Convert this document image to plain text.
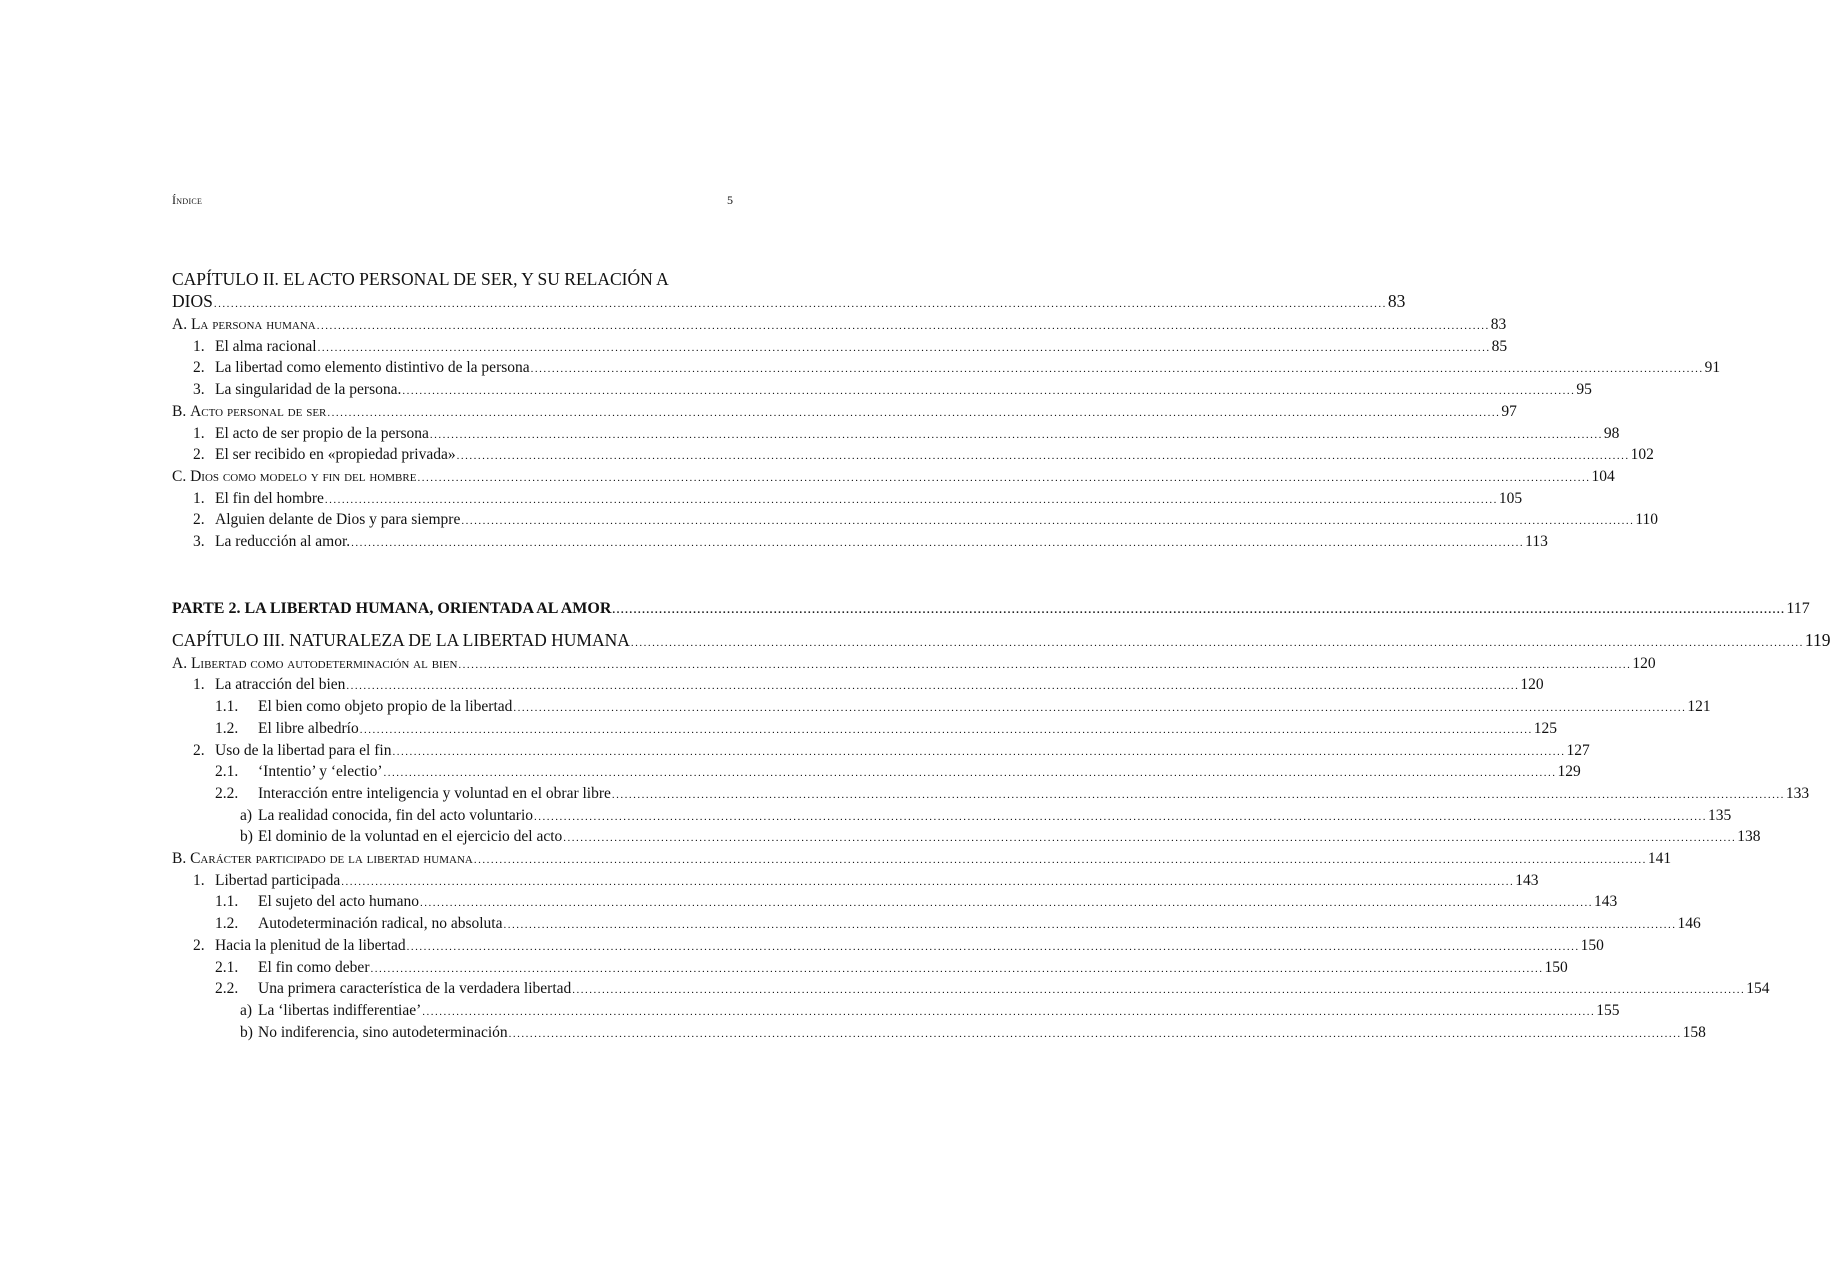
Índice	5
CAPÍTULO II. EL ACTO PERSONAL DE SER, Y SU RELACIÓN A
DIOS .....	83
A.
La persona humana .....	83
1. El alma racional .....	85
2. La libertad como elemento distintivo de la persona .....	91
3. La singularidad de la persona. .....	95
B.
Acto personal de ser .....	97
1. El acto de ser propio de la persona .....	98
2. El ser recibido en «propiedad privada» .....	102
C.
Dios como modelo y fin del hombre .....	104
1. El fin del hombre .....	105
2. Alguien delante de Dios y para siempre .....	110
3. La reducción al amor. .....	113
PARTE 2. LA LIBERTAD HUMANA, ORIENTADA AL AMOR .....	117
CAPÍTULO III. NATURALEZA DE LA LIBERTAD HUMANA .....	119
A.
Libertad como autodeterminación al bien .....	120
1. La atracción del bien .....	120
1.1.	El bien como objeto propio de la libertad .....	121
1.2.	El libre albedrío .....	125
2. Uso de la libertad para el fin .....	127
2.1.	‘Intentio’ y ‘electio’ .....	129
2.2.	Interacción entre inteligencia y voluntad en el obrar libre .....	133
a) La realidad conocida, fin del acto voluntario .....	135
b) El dominio de la voluntad en el ejercicio del acto .....	138
B.
Carácter participado de la libertad humana .....	141
1. Libertad participada .....	143
1.1.	El sujeto del acto humano .....	143
1.2.	Autodeterminación radical, no absoluta .....	146
2. Hacia la plenitud de la libertad .....	150
2.1.	El fin como deber .....	150
2.2.	Una primera característica de la verdadera libertad .....	154
a) La ‘libertas indifferentiae’ .....	155
b) No indiferencia, sino autodeterminación .....	158
